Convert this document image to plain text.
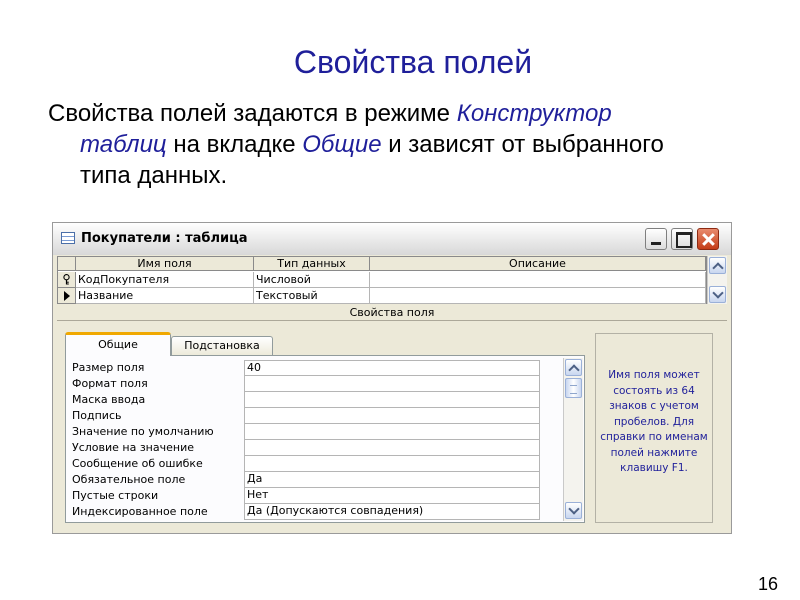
Свойства полей
Свойства полей задаются в режиме Конструктор
таблиц на вкладке Общие и зависят от выбранного
типа данных.
Покупатели : таблица
Имя поля	Тип данных	Описание
КодПокупателя	Числовой
Название	Текстовый
Свойства поля
Общие	Подстановка
Размер поля	40
Формат поля
Маска ввода
Подпись
Значение по умолчанию
Условие на значение
Сообщение об ошибке
Обязательное поле	Да
Пустые строки	Нет
Индексированное поле	Да (Допускаются совпадения)
Имя поля может состоять из 64 знаков с учетом пробелов. Для справки по именам полей нажмите клавишу F1.
16
